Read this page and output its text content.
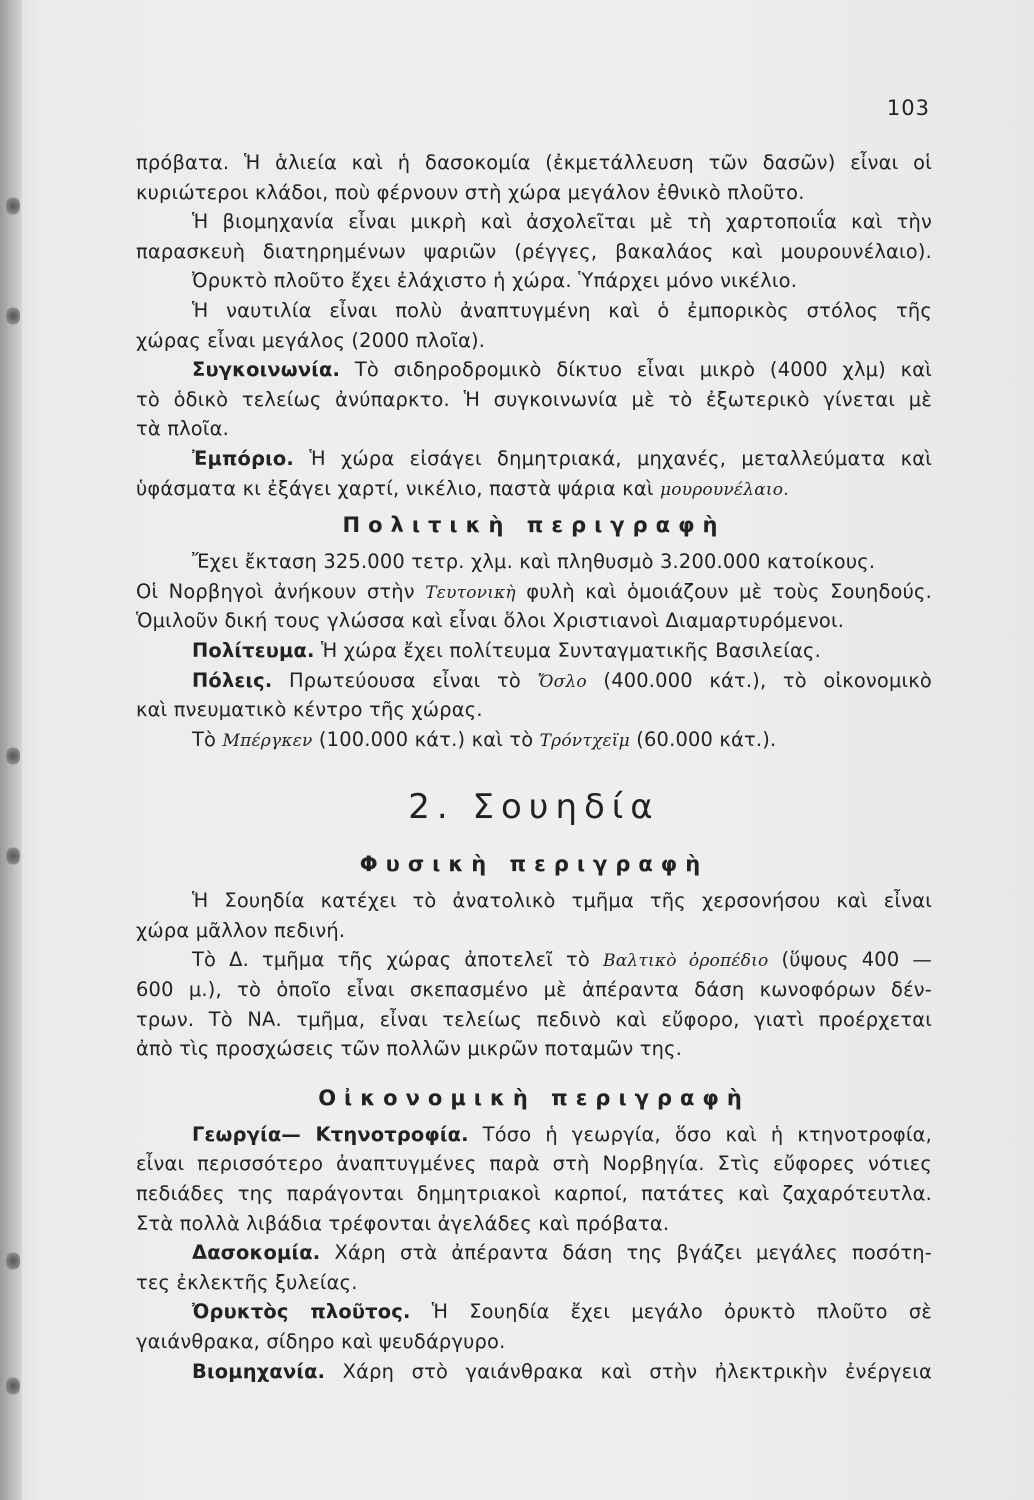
103

πρόβατα. Ἡ ἁλιεία καὶ ἡ δασοκομία (ἐκμετάλλευση τῶν δασῶν) εἶναι οἱ

κυριώτεροι κλάδοι, ποὺ φέρνουν στὴ χώρα μεγάλον ἐθνικὸ πλοῦτο.

Ἡ βιομηχανία εἶναι μικρὴ καὶ ἀσχολεῖται μὲ τὴ χαρτοποιΐα καὶ τὴν

παρασκευὴ διατηρημένων ψαριῶν (ρέγγες, βακαλάος καὶ μουρουνέλαιο).

Ὀρυκτὸ πλοῦτο ἔχει ἐλάχιστο ἡ χώρα. Ὑπάρχει μόνο νικέλιο.

Ἡ ναυτιλία εἶναι πολὺ ἀναπτυγμένη καὶ ὁ ἐμπορικὸς στόλος τῆς

χώρας εἶναι μεγάλος (2000 πλοῖα).

Συγκοινωνία. Τὸ σιδηροδρομικὸ δίκτυο εἶναι μικρὸ (4000 χλμ) καὶ

τὸ ὁδικὸ τελείως ἀνύπαρκτο. Ἡ συγκοινωνία μὲ τὸ ἐξωτερικὸ γίνεται μὲ

τὰ πλοῖα.

Ἐμπόριο. Ἡ χώρα εἰσάγει δημητριακά, μηχανές, μεταλλεύματα καὶ

ὑφάσματα κι ἐξάγει χαρτί, νικέλιο, παστὰ ψάρια καὶ μουρουνέλαιο.

Πολιτικὴ περιγραφὴ

Ἔχει ἔκταση 325.000 τετρ. χλμ. καὶ πληθυσμὸ 3.200.000 κατοίκους.

Οἱ Νορβηγοὶ ἀνήκουν στὴν Τευτονικὴ φυλὴ καὶ ὁμοιάζουν μὲ τοὺς Σουηδούς.

Ὁμιλοῦν δική τους γλώσσα καὶ εἶναι ὅλοι Χριστιανοὶ Διαμαρτυρόμενοι.

Πολίτευμα. Ἡ χώρα ἔχει πολίτευμα Συνταγματικῆς Βασιλείας.

Πόλεις. Πρωτεύουσα εἶναι τὸ Ὄσλο (400.000 κάτ.), τὸ οἰκονομικὸ

καὶ πνευματικὸ κέντρο τῆς χώρας.

Τὸ Μπέργκεν (100.000 κάτ.) καὶ τὸ Τρόντχεϊμ (60.000 κάτ.).

2. Σουηδία
Φυσικὴ περιγραφὴ

Ἡ Σουηδία κατέχει τὸ ἀνατολικὸ τμῆμα τῆς χερσονήσου καὶ εἶναι

χώρα μᾶλλον πεδινή.

Τὸ Δ. τμῆμα τῆς χώρας ἀποτελεῖ τὸ Βαλτικὸ ὀροπέδιο (ὕψους 400 —

600 μ.), τὸ ὁποῖο εἶναι σκεπασμένο μὲ ἀπέραντα δάση κωνοφόρων δέν-

τρων. Τὸ ΝΑ. τμῆμα, εἶναι τελείως πεδινὸ καὶ εὔφορο, γιατὶ προέρχεται

ἀπὸ τὶς προσχώσεις τῶν πολλῶν μικρῶν ποταμῶν της.

Οἰκονομικὴ περιγραφὴ

Γεωργία— Κτηνοτροφία. Τόσο ἡ γεωργία, ὅσο καὶ ἡ κτηνοτροφία,

εἶναι περισσότερο ἀναπτυγμένες παρὰ στὴ Νορβηγία. Στὶς εὔφορες νότιες

πεδιάδες της παράγονται δημητριακοὶ καρποί, πατάτες καὶ ζαχαρότευτλα.

Στὰ πολλὰ λιβάδια τρέφονται ἀγελάδες καὶ πρόβατα.

Δασοκομία. Χάρη στὰ ἀπέραντα δάση της βγάζει μεγάλες ποσότη-

τες ἐκλεκτῆς ξυλείας.

Ὀρυκτὸς πλοῦτος. Ἡ Σουηδία ἔχει μεγάλο ὀρυκτὸ πλοῦτο σὲ

γαιάνθρακα, σίδηρο καὶ ψευδάργυρο.

Βιομηχανία. Χάρη στὸ γαιάνθρακα καὶ στὴν ἠλεκτρικὴν ἐνέργεια
